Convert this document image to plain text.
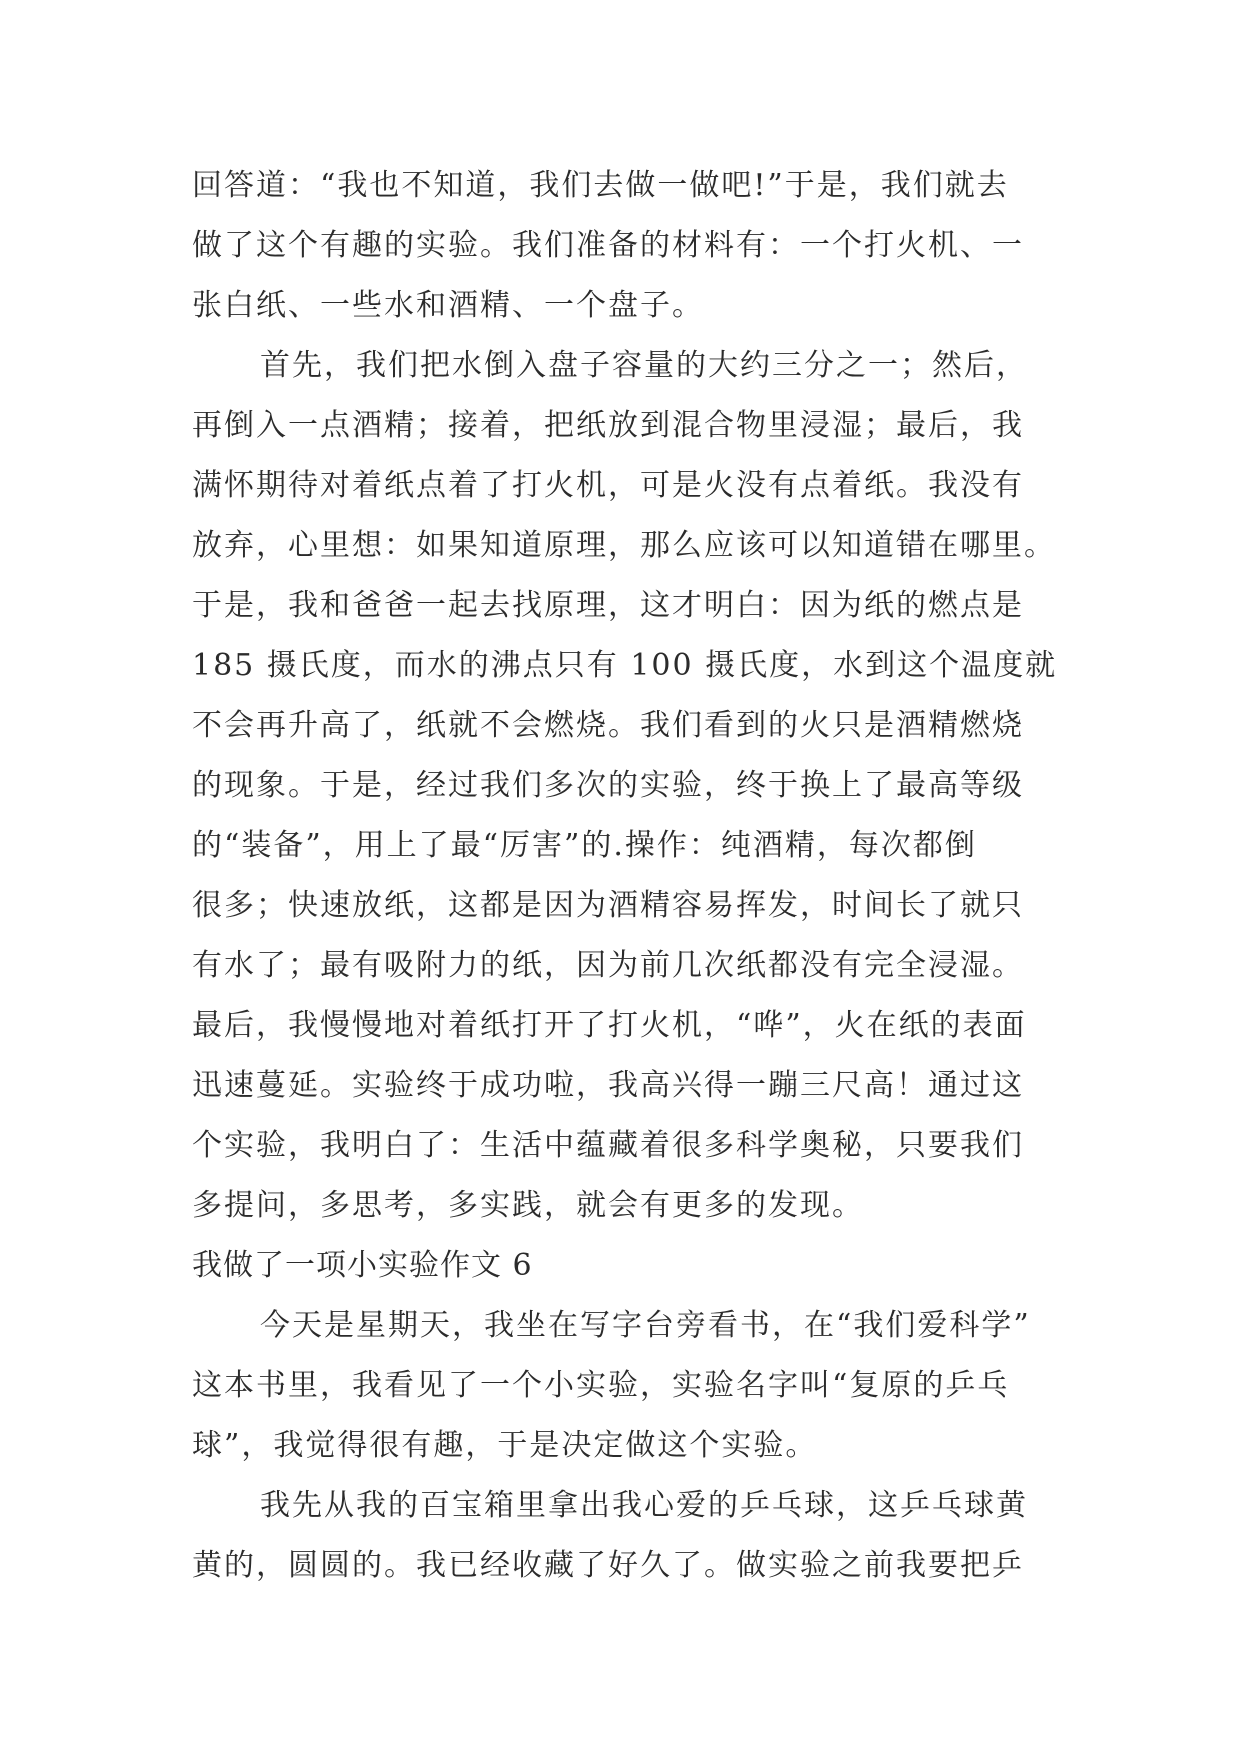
回答道：“我也不知道，我们去做一做吧!”于是，我们就去
做了这个有趣的实验。我们准备的材料有：一个打火机、一
张白纸、一些水和酒精、一个盘子。
首先，我们把水倒入盘子容量的大约三分之一；然后，
再倒入一点酒精；接着，把纸放到混合物里浸湿；最后，我
满怀期待对着纸点着了打火机，可是火没有点着纸。我没有
放弃，心里想：如果知道原理，那么应该可以知道错在哪里。
于是，我和爸爸一起去找原理，这才明白：因为纸的燃点是
185 摄氏度，而水的沸点只有 100 摄氏度，水到这个温度就
不会再升高了，纸就不会燃烧。我们看到的火只是酒精燃烧
的现象。于是，经过我们多次的实验，终于换上了最高等级
的“装备”，用上了最“厉害”的.操作：纯酒精，每次都倒
很多；快速放纸，这都是因为酒精容易挥发，时间长了就只
有水了；最有吸附力的纸，因为前几次纸都没有完全浸湿。
最后，我慢慢地对着纸打开了打火机，“哗”，火在纸的表面
迅速蔓延。实验终于成功啦，我高兴得一蹦三尺高！通过这
个实验，我明白了：生活中蕴藏着很多科学奥秘，只要我们
多提问，多思考，多实践，就会有更多的发现。
我做了一项小实验作文 6
今天是星期天，我坐在写字台旁看书，在“我们爱科学”
这本书里，我看见了一个小实验，实验名字叫“复原的乒乓
球”，我觉得很有趣，于是决定做这个实验。
我先从我的百宝箱里拿出我心爱的乒乓球，这乒乓球黄
黄的，圆圆的。我已经收藏了好久了。做实验之前我要把乒
